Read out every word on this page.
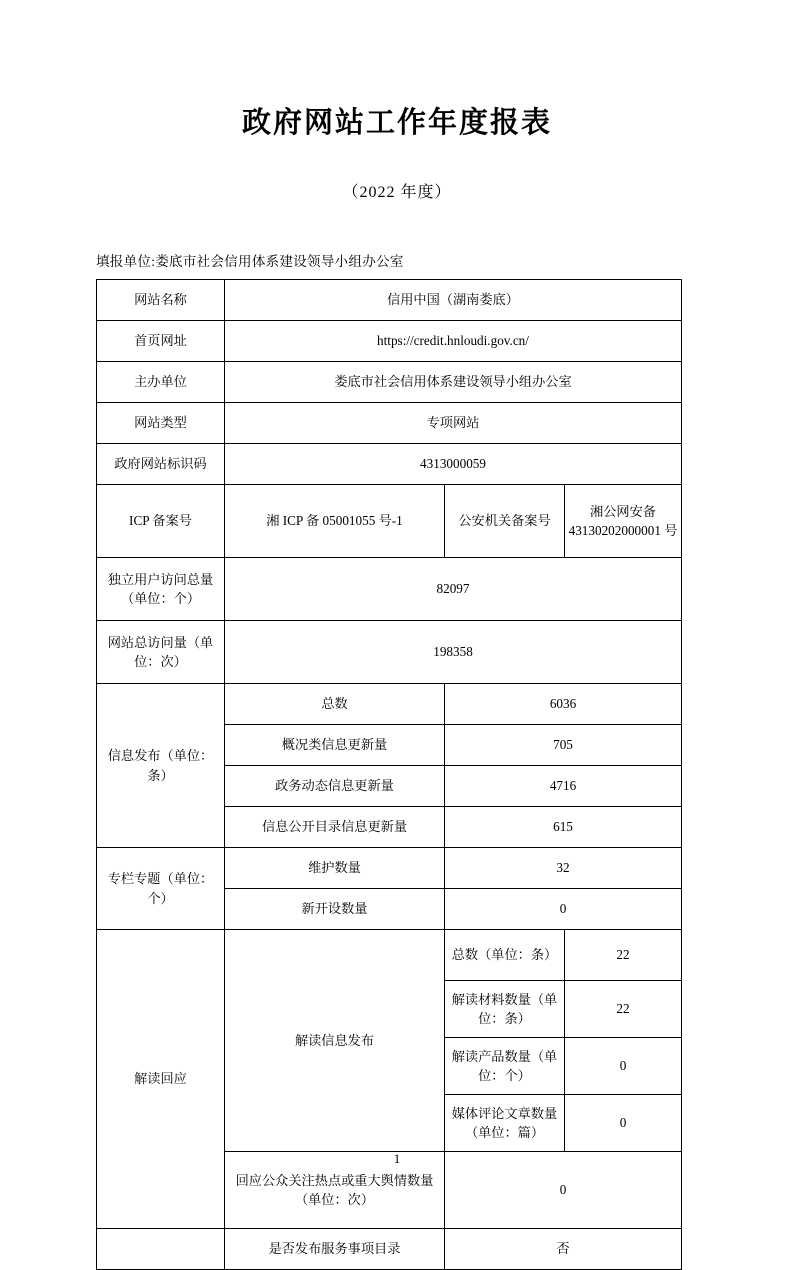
政府网站工作年度报表
（2022 年度）
填报单位:娄底市社会信用体系建设领导小组办公室
网站名称	信用中国（湖南娄底）		
首页网址	https://credit.hnloudi.gov.cn/		
主办单位	娄底市社会信用体系建设领导小组办公室		
网站类型	专项网站		
政府网站标识码	4313000059		
ICP 备案号	湘 ICP 备 05001055 号-1	公安机关备案号	湘公网安备 43130202000001 号
独立用户访问总量（单位：个）	82097		
网站总访问量（单位：次）	198358		
信息发布（单位：条）	总数	6036	
	概况类信息更新量	705	
	政务动态信息更新量	4716	
	信息公开目录信息更新量	615	
专栏专题（单位：个）	维护数量	32	
	新开设数量	0	
解读回应	解读信息发布	总数（单位：条）	22
		解读材料数量（单位：条）	22
		解读产品数量（单位：个）	0
		媒体评论文章数量（单位：篇）	0
	回应公众关注热点或重大舆情数量（单位：次）	0	
	是否发布服务事项目录	否	
1
